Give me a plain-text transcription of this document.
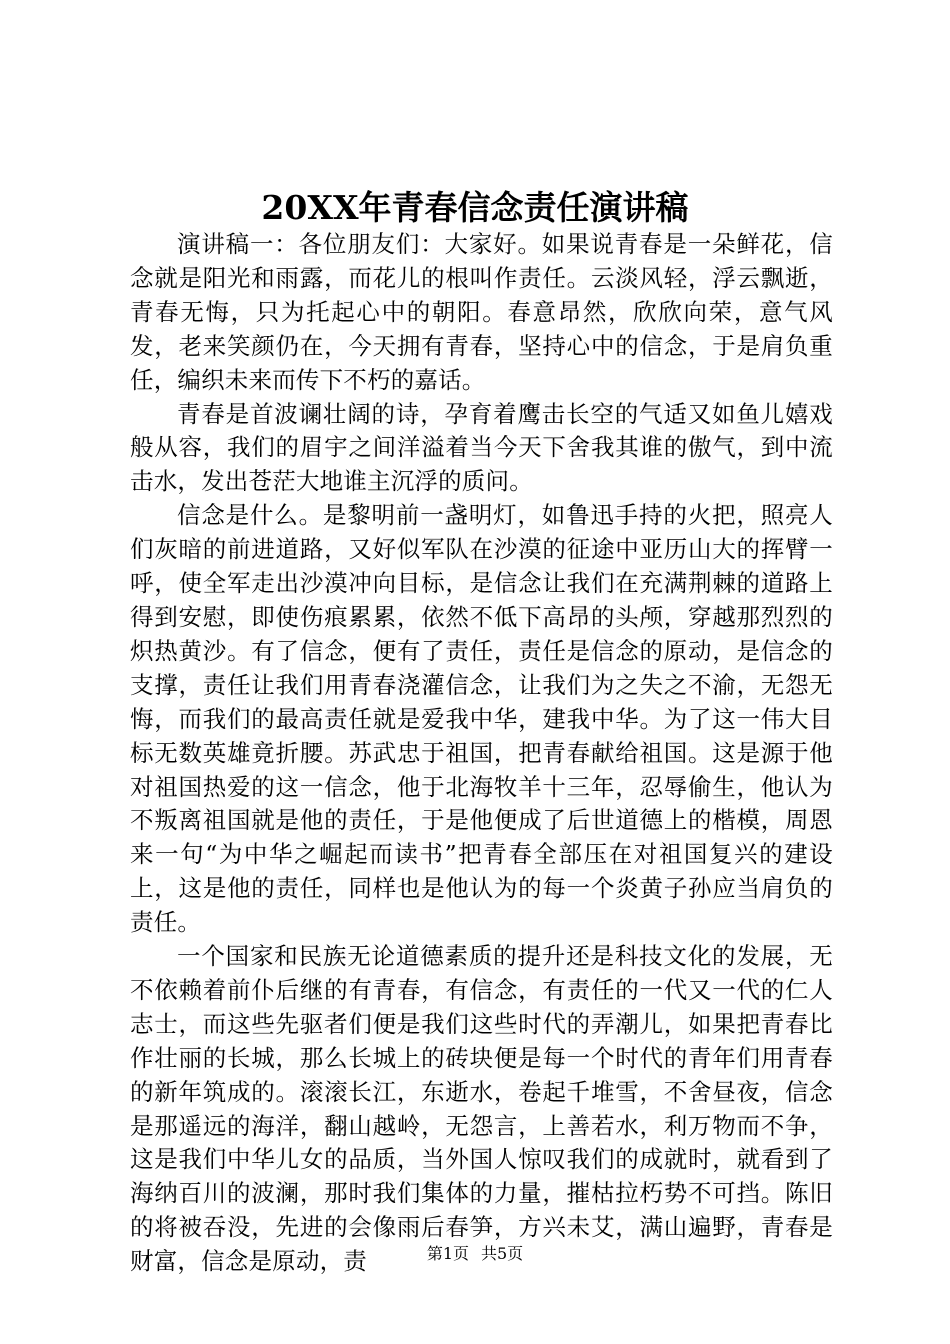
20XX年青春信念责任演讲稿

演讲稿一：各位朋友们：大家好。如果说青春是一朵鲜花，信念就是阳光和雨露，而花儿的根叫作责任。云淡风轻，浮云飘逝，青春无悔，只为托起心中的朝阳。春意昂然，欣欣向荣，意气风发，老来笑颜仍在，今天拥有青春，坚持心中的信念，于是肩负重任，编织未来而传下不朽的嘉话。

青春是首波谰壮阔的诗，孕育着鹰击长空的气适又如鱼儿嬉戏般从容，我们的眉宇之间洋溢着当今天下舍我其谁的傲气，到中流击水，发出苍茫大地谁主沉浮的质问。

信念是什么。是黎明前一盏明灯，如鲁迅手持的火把，照亮人们灰暗的前进道路，又好似军队在沙漠的征途中亚历山大的挥臂一呼，使全军走出沙漠冲向目标，是信念让我们在充满荆棘的道路上得到安慰，即使伤痕累累，依然不低下高昂的头颅，穿越那烈烈的炽热黄沙。有了信念，便有了责任，责任是信念的原动，是信念的支撑，责任让我们用青春浇灌信念，让我们为之失之不渝，无怨无悔，而我们的最高责任就是爱我中华，建我中华。为了这一伟大目标无数英雄竟折腰。苏武忠于祖国，把青春献给祖国。这是源于他对祖国热爱的这一信念，他于北海牧羊十三年，忍辱偷生，他认为不叛离祖国就是他的责任，于是他便成了后世道德上的楷模，周恩来一句“为中华之崛起而读书”把青春全部压在对祖国复兴的建设上，这是他的责任，同样也是他认为的每一个炎黄子孙应当肩负的责任。

一个国家和民族无论道德素质的提升还是科技文化的发展，无不依赖着前仆后继的有青春，有信念，有责任的一代又一代的仁人志士，而这些先驱者们便是我们这些时代的弄潮儿，如果把青春比作壮丽的长城，那么长城上的砖块便是每一个时代的青年们用青春的新年筑成的。滚滚长江，东逝水，卷起千堆雪，不舍昼夜，信念是那遥远的海洋，翻山越岭，无怨言，上善若水，利万物而不争，这是我们中华儿女的品质，当外国人惊叹我们的成就时，就看到了海纳百川的波澜，那时我们集体的力量，摧枯拉朽势不可挡。陈旧的将被吞没，先进的会像雨后春笋，方兴未艾，满山遍野，青春是财富，信念是原动，责	第1页 共5页
